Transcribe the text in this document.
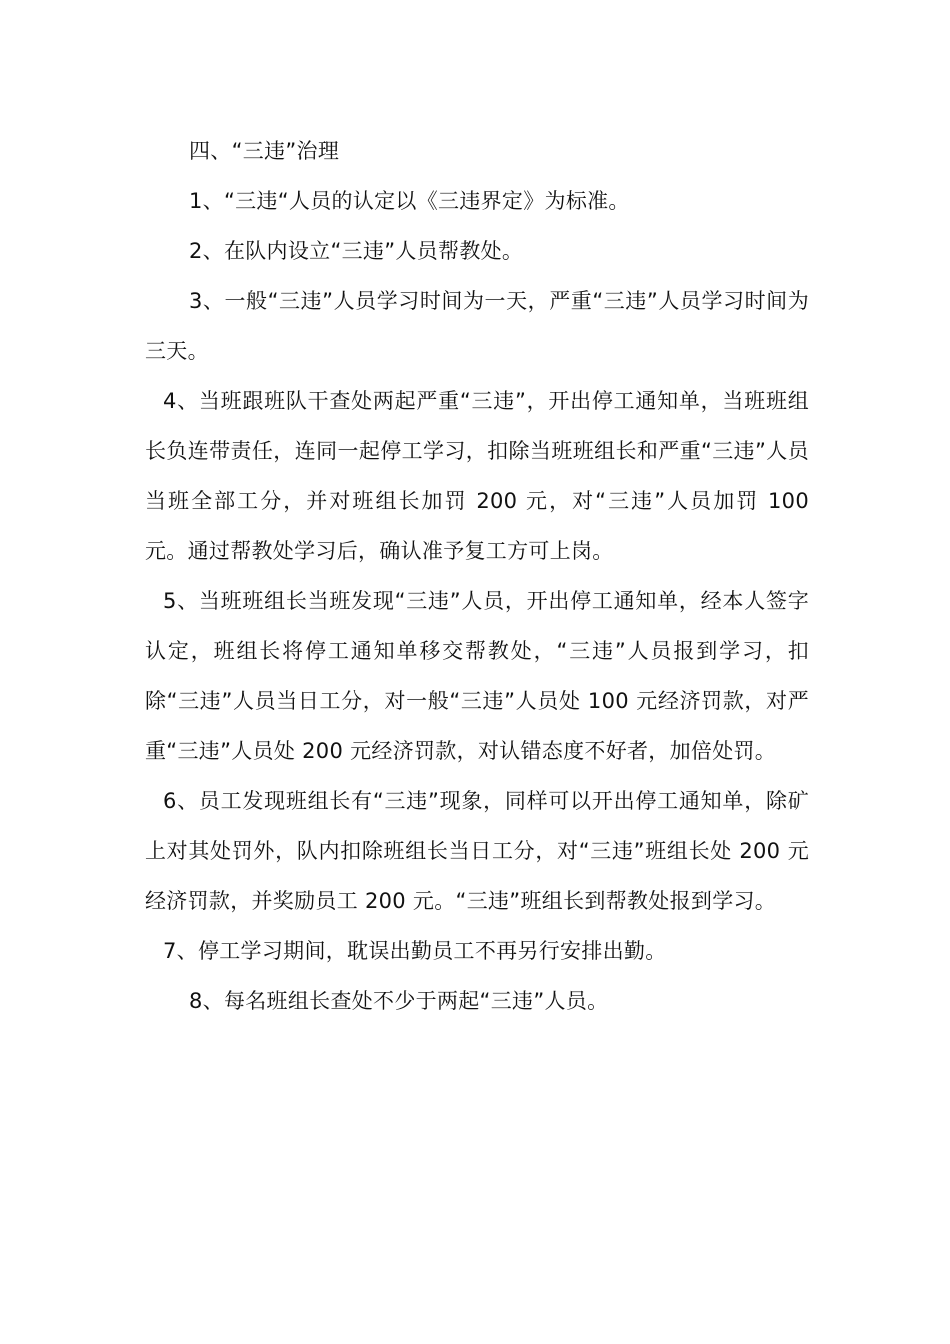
四、“三违”治理

1、“三违“人员的认定以《三违界定》为标准。

2、在队内设立“三违”人员帮教处。

3、一般“三违”人员学习时间为一天，严重“三违”人员学习时间为三天。

4、当班跟班队干查处两起严重“三违”，开出停工通知单，当班班组长负连带责任，连同一起停工学习，扣除当班班组长和严重“三违”人员当班全部工分，并对班组长加罚 200 元，对“三违”人员加罚 100 元。通过帮教处学习后，确认准予复工方可上岗。

5、当班班组长当班发现“三违”人员，开出停工通知单，经本人签字认定，班组长将停工通知单移交帮教处，“三违”人员报到学习，扣除“三违”人员当日工分，对一般“三违”人员处 100 元经济罚款，对严重“三违”人员处 200 元经济罚款，对认错态度不好者，加倍处罚。

6、员工发现班组长有“三违”现象，同样可以开出停工通知单，除矿上对其处罚外，队内扣除班组长当日工分，对“三违”班组长处 200 元经济罚款，并奖励员工 200 元。“三违”班组长到帮教处报到学习。

7、停工学习期间，耽误出勤员工不再另行安排出勤。

8、每名班组长查处不少于两起“三违”人员。
